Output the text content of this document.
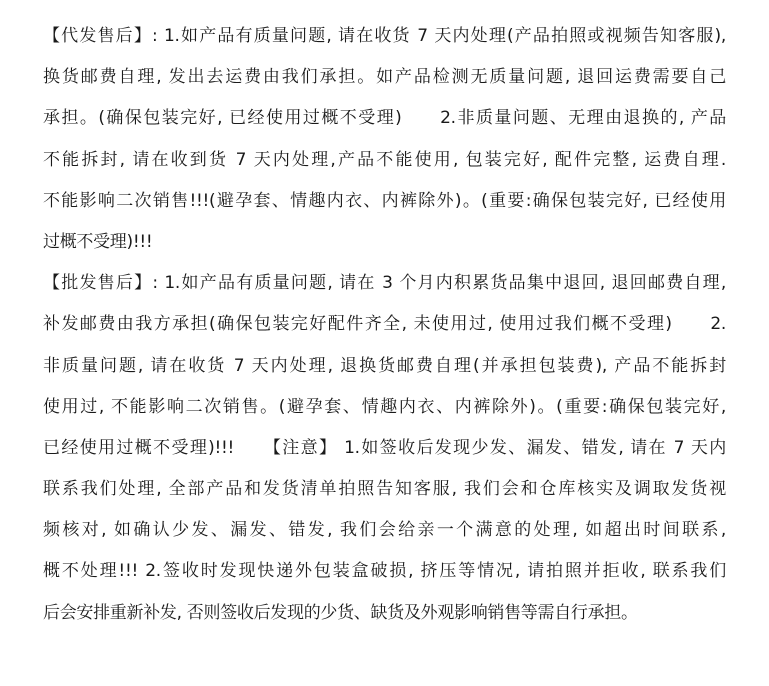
【代发售后】: 1.如产品有质量问题, 请在收货 7 天内处理(产品拍照或视频告知客服),
换货邮费自理, 发出去运费由我们承担。如产品检测无质量问题, 退回运费需要自己
承担。(确保包装完好, 已经使用过概不受理)　　2.非质量问题、无理由退换的, 产品
不能拆封, 请在收到货 7 天内处理,产品不能使用, 包装完好, 配件完整, 运费自理.
不能影响二次销售!!!(避孕套、情趣内衣、内裤除外)。(重要:确保包装完好, 已经使用
过概不受理)!!!
【批发售后】: 1.如产品有质量问题, 请在 3 个月内积累货品集中退回, 退回邮费自理,
补发邮费由我方承担(确保包装完好配件齐全, 未使用过, 使用过我们概不受理)　　2.
非质量问题, 请在收货 7 天内处理, 退换货邮费自理(并承担包装费), 产品不能拆封
使用过, 不能影响二次销售。(避孕套、情趣内衣、内裤除外)。(重要:确保包装完好,
已经使用过概不受理)!!!　　【注意】 1.如签收后发现少发、漏发、错发, 请在 7 天内
联系我们处理, 全部产品和发货清单拍照告知客服, 我们会和仓库核实及调取发货视
频核对, 如确认少发、漏发、错发, 我们会给亲一个满意的处理, 如超出时间联系,
概不处理!!! 2.签收时发现快递外包装盒破损, 挤压等情况, 请拍照并拒收, 联系我们
后会安排重新补发, 否则签收后发现的少货、缺货及外观影响销售等需自行承担。
